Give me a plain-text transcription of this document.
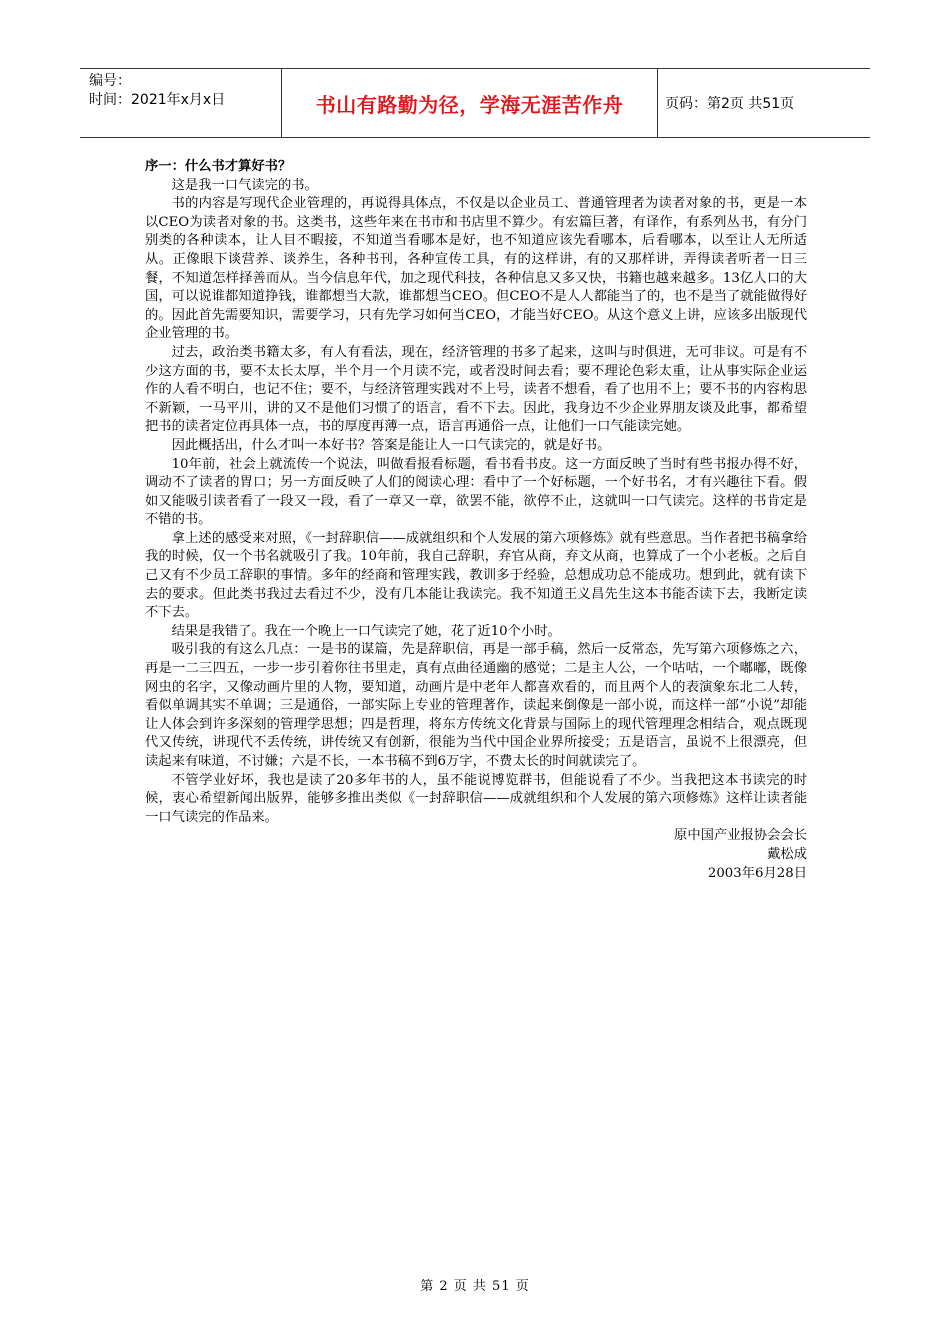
编号：
时间：2021年x月x日	书山有路勤为径，学海无涯苦作舟	页码：第2页 共51页
序一：什么书才算好书？

这是我一口气读完的书。

书的内容是写现代企业管理的，再说得具体点，不仅是以企业员工、普通管理者为读者对象的书，更是一本以CEO为读者对象的书。这类书，这些年来在书市和书店里不算少。有宏篇巨著，有译作，有系列丛书，有分门别类的各种读本，让人目不暇接，不知道当看哪本是好，也不知道应该先看哪本，后看哪本，以至让人无所适从。正像眼下谈营养、谈养生，各种书刊，各种宣传工具，有的这样讲，有的又那样讲，弄得读者听者一日三餐，不知道怎样择善而从。当今信息年代，加之现代科技，各种信息又多又快，书籍也越来越多。13亿人口的大国，可以说谁都知道挣钱，谁都想当大款，谁都想当CEO。但CEO不是人人都能当了的，也不是当了就能做得好的。因此首先需要知识，需要学习，只有先学习如何当CEO，才能当好CEO。从这个意义上讲，应该多出版现代企业管理的书。

过去，政治类书籍太多，有人有看法，现在，经济管理的书多了起来，这叫与时俱进，无可非议。可是有不少这方面的书，要不太长太厚，半个月一个月读不完，或者没时间去看；要不理论色彩太重，让从事实际企业运作的人看不明白，也记不住；要不，与经济管理实践对不上号，读者不想看，看了也用不上；要不书的内容构思不新颖，一马平川，讲的又不是他们习惯了的语言，看不下去。因此，我身边不少企业界朋友谈及此事，都希望把书的读者定位再具体一点，书的厚度再薄一点，语言再通俗一点，让他们一口气能读完她。

因此概括出，什么才叫一本好书？答案是能让人一口气读完的，就是好书。

10年前，社会上就流传一个说法，叫做看报看标题，看书看书皮。这一方面反映了当时有些书报办得不好，调动不了读者的胃口；另一方面反映了人们的阅读心理：看中了一个好标题，一个好书名，才有兴趣往下看。假如又能吸引读者看了一段又一段，看了一章又一章，欲罢不能，欲停不止，这就叫一口气读完。这样的书肯定是不错的书。

拿上述的感受来对照，《一封辞职信——成就组织和个人发展的第六项修炼》就有些意思。当作者把书稿拿给我的时候，仅一个书名就吸引了我。10年前，我自己辞职，弃官从商，弃文从商，也算成了一个小老板。之后自己又有不少员工辞职的事情。多年的经商和管理实践，教训多于经验，总想成功总不能成功。想到此，就有读下去的要求。但此类书我过去看过不少，没有几本能让我读完。我不知道王义昌先生这本书能否读下去，我断定读不下去。

结果是我错了。我在一个晚上一口气读完了她，花了近10个小时。

吸引我的有这么几点：一是书的谋篇，先是辞职信，再是一部手稿，然后一反常态，先写第六项修炼之六，再是一二三四五，一步一步引着你往书里走，真有点曲径通幽的感觉；二是主人公，一个咕咕，一个嘟嘟，既像网虫的名字，又像动画片里的人物，要知道，动画片是中老年人都喜欢看的，而且两个人的表演象东北二人转，看似单调其实不单调；三是通俗，一部实际上专业的管理著作，读起来倒像是一部小说，而这样一部“小说”却能让人体会到许多深刻的管理学思想；四是哲理，将东方传统文化背景与国际上的现代管理理念相结合，观点既现代又传统，讲现代不丢传统，讲传统又有创新，很能为当代中国企业界所接受；五是语言，虽说不上很漂亮，但读起来有味道，不讨嫌；六是不长，一本书稿不到6万字，不费太长的时间就读完了。

不管学业好坏，我也是读了20多年书的人，虽不能说博览群书，但能说看了不少。当我把这本书读完的时候，衷心希望新闻出版界，能够多推出类似《一封辞职信——成就组织和个人发展的第六项修炼》这样让读者能一口气读完的作品来。

原中国产业报协会会长
戴松成
2003年6月28日
第 2 页 共 51 页
